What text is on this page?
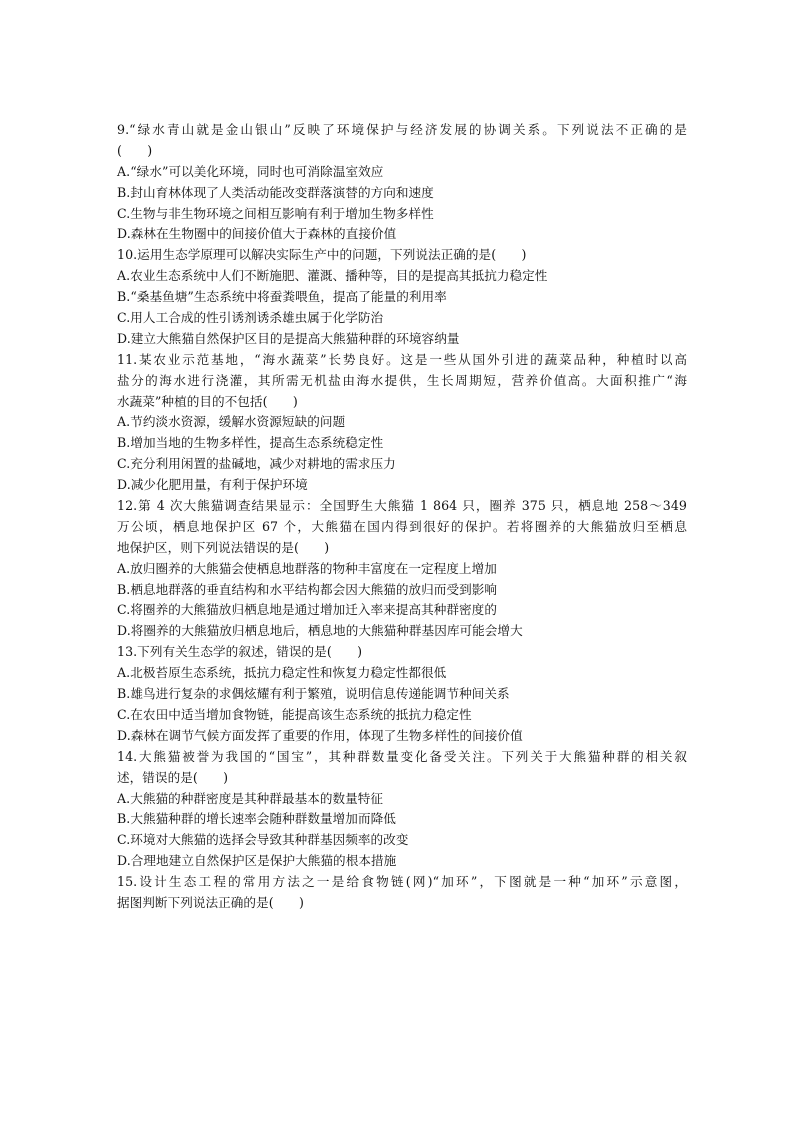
9.“绿水青山就是金山银山”反映了环境保护与经济发展的协调关系。下列说法不正确的是
(　　)
A.“绿水”可以美化环境，同时也可消除温室效应
B.封山育林体现了人类活动能改变群落演替的方向和速度
C.生物与非生物环境之间相互影响有利于增加生物多样性
D.森林在生物圈中的间接价值大于森林的直接价值
10.运用生态学原理可以解决实际生产中的问题，下列说法正确的是(　　)
A.农业生态系统中人们不断施肥、灌溉、播种等，目的是提高其抵抗力稳定性
B.“桑基鱼塘”生态系统中将蚕粪喂鱼，提高了能量的利用率
C.用人工合成的性引诱剂诱杀雄虫属于化学防治
D.建立大熊猫自然保护区目的是提高大熊猫种群的环境容纳量
11.某农业示范基地，“海水蔬菜”长势良好。这是一些从国外引进的蔬菜品种，种植时以高
盐分的海水进行浇灌，其所需无机盐由海水提供，生长周期短，营养价值高。大面积推广“海
水蔬菜”种植的目的不包括(　　)
A.节约淡水资源，缓解水资源短缺的问题
B.增加当地的生物多样性，提高生态系统稳定性
C.充分利用闲置的盐碱地，减少对耕地的需求压力
D.减少化肥用量，有利于保护环境
12.第 4 次大熊猫调查结果显示：全国野生大熊猫 1 864 只，圈养 375 只，栖息地 258～349
万公顷，栖息地保护区 67 个，大熊猫在国内得到很好的保护。若将圈养的大熊猫放归至栖息
地保护区，则下列说法错误的是(　　)
A.放归圈养的大熊猫会使栖息地群落的物种丰富度在一定程度上增加
B.栖息地群落的垂直结构和水平结构都会因大熊猫的放归而受到影响
C.将圈养的大熊猫放归栖息地是通过增加迁入率来提高其种群密度的
D.将圈养的大熊猫放归栖息地后，栖息地的大熊猫种群基因库可能会增大
13.下列有关生态学的叙述，错误的是(　　)
A.北极苔原生态系统，抵抗力稳定性和恢复力稳定性都很低
B.雄鸟进行复杂的求偶炫耀有利于繁殖，说明信息传递能调节种间关系
C.在农田中适当增加食物链，能提高该生态系统的抵抗力稳定性
D.森林在调节气候方面发挥了重要的作用，体现了生物多样性的间接价值
14.大熊猫被誉为我国的“国宝”，其种群数量变化备受关注。下列关于大熊猫种群的相关叙
述，错误的是(　　)
A.大熊猫的种群密度是其种群最基本的数量特征
B.大熊猫种群的增长速率会随种群数量增加而降低
C.环境对大熊猫的选择会导致其种群基因频率的改变
D.合理地建立自然保护区是保护大熊猫的根本措施
15.设计生态工程的常用方法之一是给食物链(网)“加环”，下图就是一种“加环”示意图，
据图判断下列说法正确的是(　　)
